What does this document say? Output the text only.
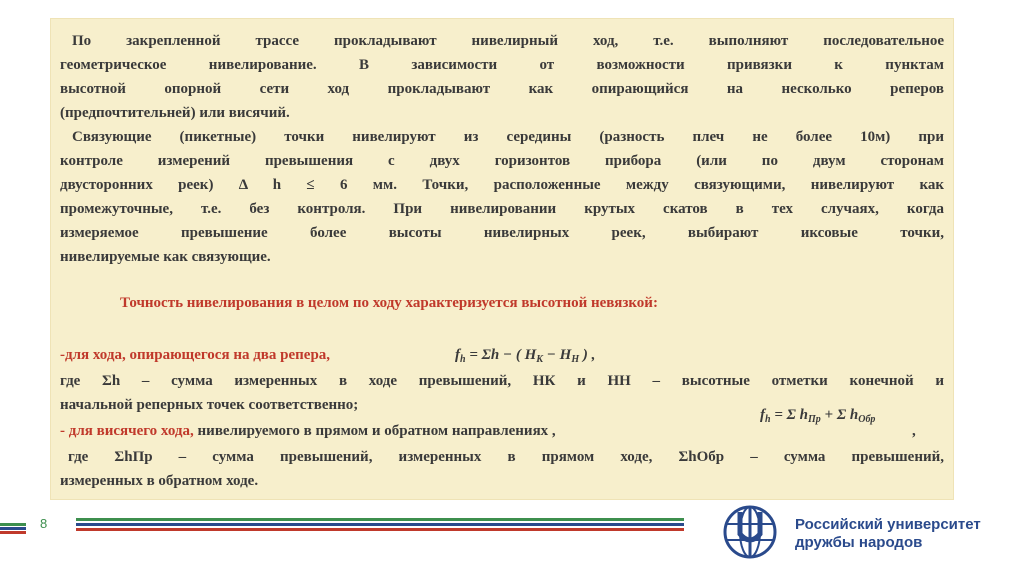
По закрепленной трассе прокладывают нивелирный ход, т.е. выполняют последовательное
геометрическое нивелирование. В зависимости от возможности привязки к пунктам
высотной опорной сети ход прокладывают как опирающийся на несколько реперов
(предпочтительней) или висячий.
Связующие (пикетные) точки нивелируют из середины (разность плеч не более 10м) при
контроле измерений превышения с двух горизонтов прибора (или по двум сторонам
двусторонних реек) Δ h ≤ 6 мм. Точки, расположенные между связующими, нивелируют как
промежуточные, т.е. без контроля. При нивелировании крутых скатов в тех случаях, когда
измеряемое превышение более высоты нивелирных реек, выбирают иксовые точки,
нивелируемые как связующие.
Точность нивелирования в целом по ходу характеризуется высотной невязкой:
-для хода, опирающегося на два репера,	$f_h = \Sigma h$ − ( $H_К - H_Н$ ) ,
где Σh – сумма измеренных в ходе превышений, НК и НН – высотные отметки конечной и
начальной реперных точек соответственно;
$f_h = \Sigma$ $h_{Пр} + \Sigma$ $h_{Обр}$
- для висячего хода, нивелируемого в прямом и обратном направлениях ,	,
где ΣhПр – сумма превышений, измеренных в прямом ходе, ΣhОбр – сумма превышений,
измеренных в обратном ходе.
8	Российский университет
дружбы народов
